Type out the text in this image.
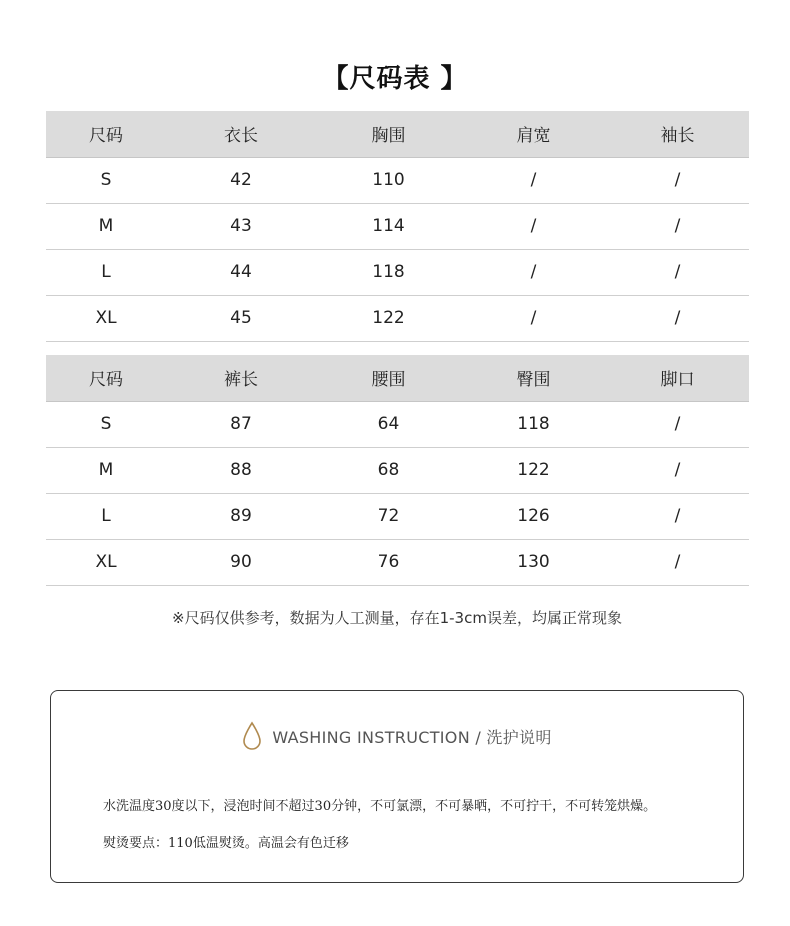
【尺码表 】
尺码	衣长	胸围	肩宽	袖长
S	42	110	/	/
M	43	114	/	/
L	44	118	/	/
XL	45	122	/	/
尺码	裤长	腰围	臀围	脚口
S	87	64	118	/
M	88	68	122	/
L	89	72	126	/
XL	90	76	130	/
※尺码仅供参考，数据为人工测量，存在1-3cm误差，均属正常现象
WASHING INSTRUCTION / 洗护说明
水洗温度30度以下，浸泡时间不超过30分钟，不可氯漂，不可暴晒，不可拧干，不可转笼烘燥。
熨烫要点：110低温熨烫。高温会有色迁移
